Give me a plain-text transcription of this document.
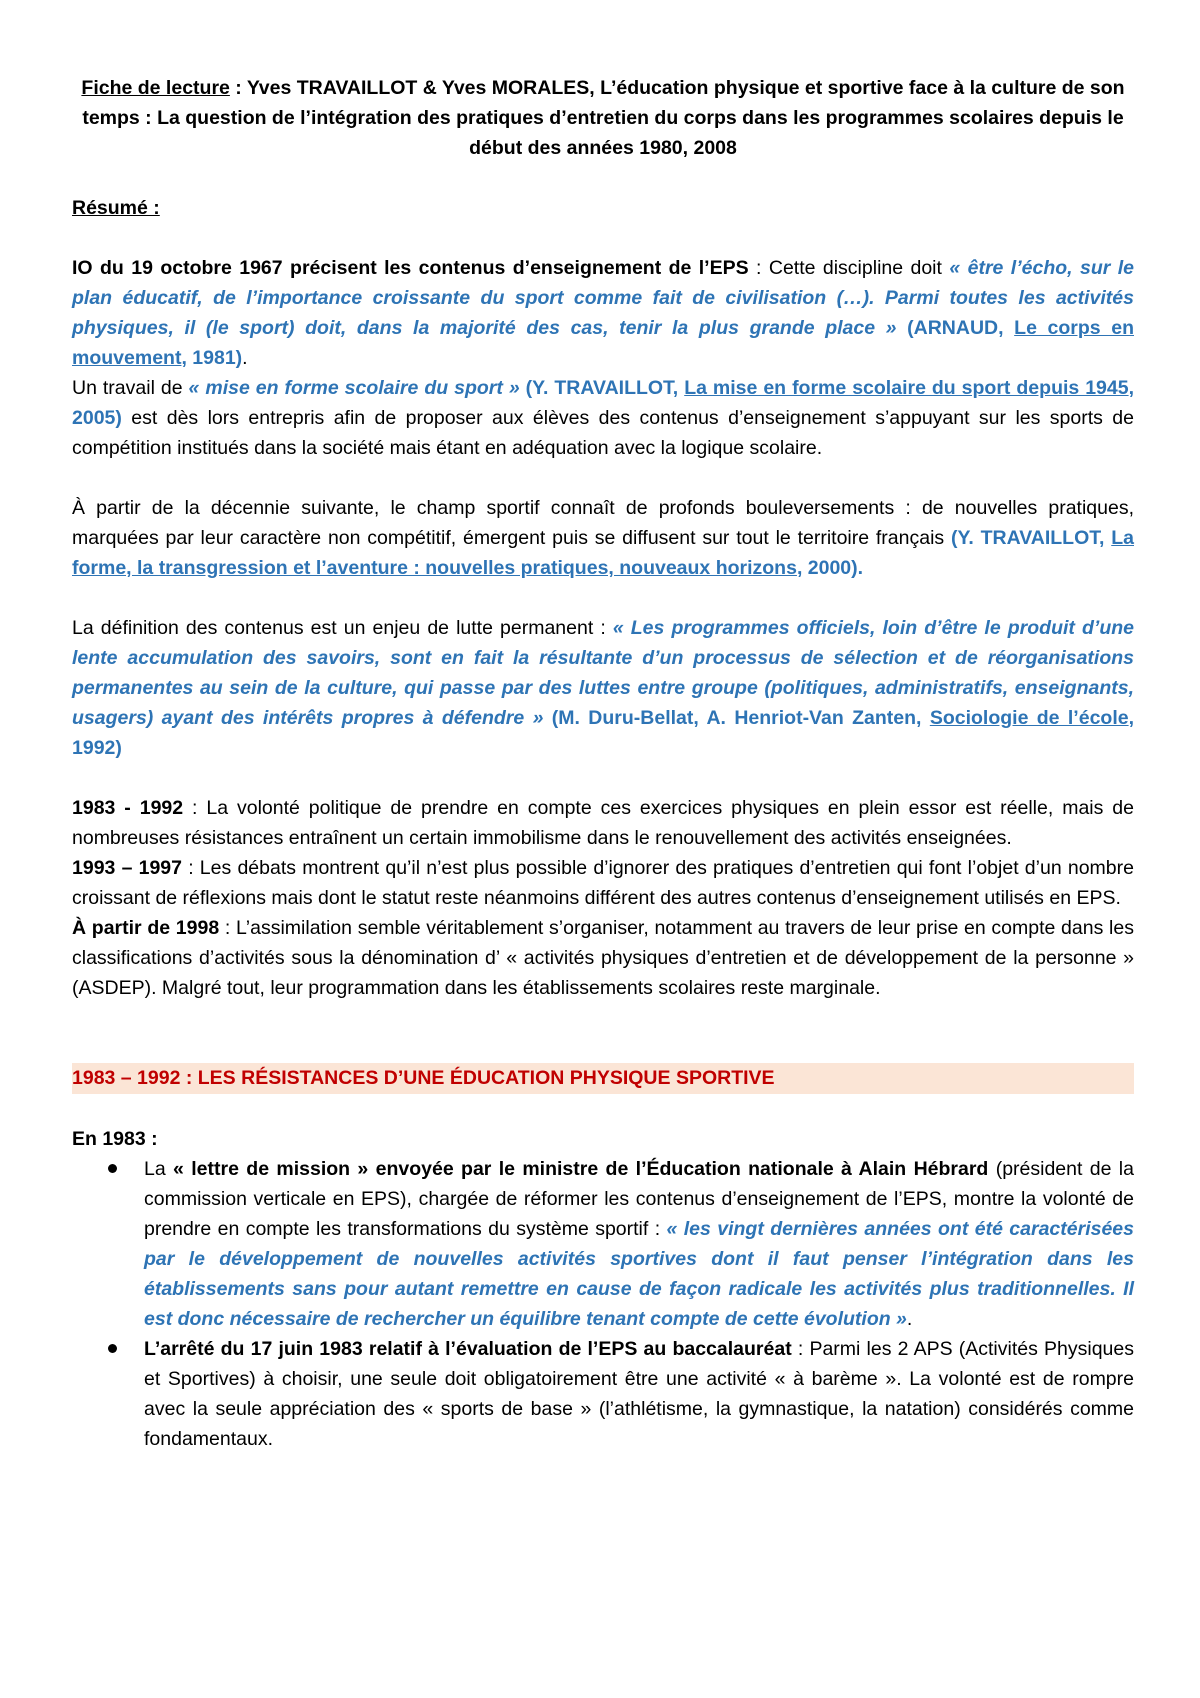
Fiche de lecture : Yves TRAVAILLOT & Yves MORALES, L’éducation physique et sportive face à la culture de son temps : La question de l’intégration des pratiques d’entretien du corps dans les programmes scolaires depuis le début des années 1980, 2008

Résumé :

IO du 19 octobre 1967 précisent les contenus d’enseignement de l’EPS : Cette discipline doit « être l’écho, sur le plan éducatif, de l’importance croissante du sport comme fait de civilisation (…). Parmi toutes les activités physiques, il (le sport) doit, dans la majorité des cas, tenir la plus grande place » (ARNAUD, Le corps en mouvement, 1981).

Un travail de « mise en forme scolaire du sport » (Y. TRAVAILLOT, La mise en forme scolaire du sport depuis 1945, 2005) est dès lors entrepris afin de proposer aux élèves des contenus d’enseignement s’appuyant sur les sports de compétition institués dans la société mais étant en adéquation avec la logique scolaire.

À partir de la décennie suivante, le champ sportif connaît de profonds bouleversements : de nouvelles pratiques, marquées par leur caractère non compétitif, émergent puis se diffusent sur tout le territoire français (Y. TRAVAILLOT, La forme, la transgression et l’aventure : nouvelles pratiques, nouveaux horizons, 2000).

La définition des contenus est un enjeu de lutte permanent : « Les programmes officiels, loin d’être le produit d’une lente accumulation des savoirs, sont en fait la résultante d’un processus de sélection et de réorganisations permanentes au sein de la culture, qui passe par des luttes entre groupe (politiques, administratifs, enseignants, usagers) ayant des intérêts propres à défendre » (M. Duru-Bellat, A. Henriot-Van Zanten, Sociologie de l’école, 1992)

1983 - 1992 : La volonté politique de prendre en compte ces exercices physiques en plein essor est réelle, mais de nombreuses résistances entraînent un certain immobilisme dans le renouvellement des activités enseignées.

1993 – 1997 : Les débats montrent qu’il n’est plus possible d’ignorer des pratiques d’entretien qui font l’objet d’un nombre croissant de réflexions mais dont le statut reste néanmoins différent des autres contenus d’enseignement utilisés en EPS.

À partir de 1998 : L’assimilation semble véritablement s’organiser, notamment au travers de leur prise en compte dans les classifications d’activités sous la dénomination d’ « activités physiques d’entretien et de développement de la personne » (ASDEP). Malgré tout, leur programmation dans les établissements scolaires reste marginale.

1983 – 1992 : LES RÉSISTANCES D’UNE ÉDUCATION PHYSIQUE SPORTIVE

En 1983 :

La « lettre de mission » envoyée par le ministre de l’Éducation nationale à Alain Hébrard (président de la commission verticale en EPS), chargée de réformer les contenus d’enseignement de l’EPS, montre la volonté de prendre en compte les transformations du système sportif : « les vingt dernières années ont été caractérisées par le développement de nouvelles activités sportives dont il faut penser l’intégration dans les établissements sans pour autant remettre en cause de façon radicale les activités plus traditionnelles. Il est donc nécessaire de rechercher un équilibre tenant compte de cette évolution ».
L’arrêté du 17 juin 1983 relatif à l’évaluation de l’EPS au baccalauréat : Parmi les 2 APS (Activités Physiques et Sportives) à choisir, une seule doit obligatoirement être une activité « à barème ». La volonté est de rompre avec la seule appréciation des « sports de base » (l’athlétisme, la gymnastique, la natation) considérés comme fondamentaux.
